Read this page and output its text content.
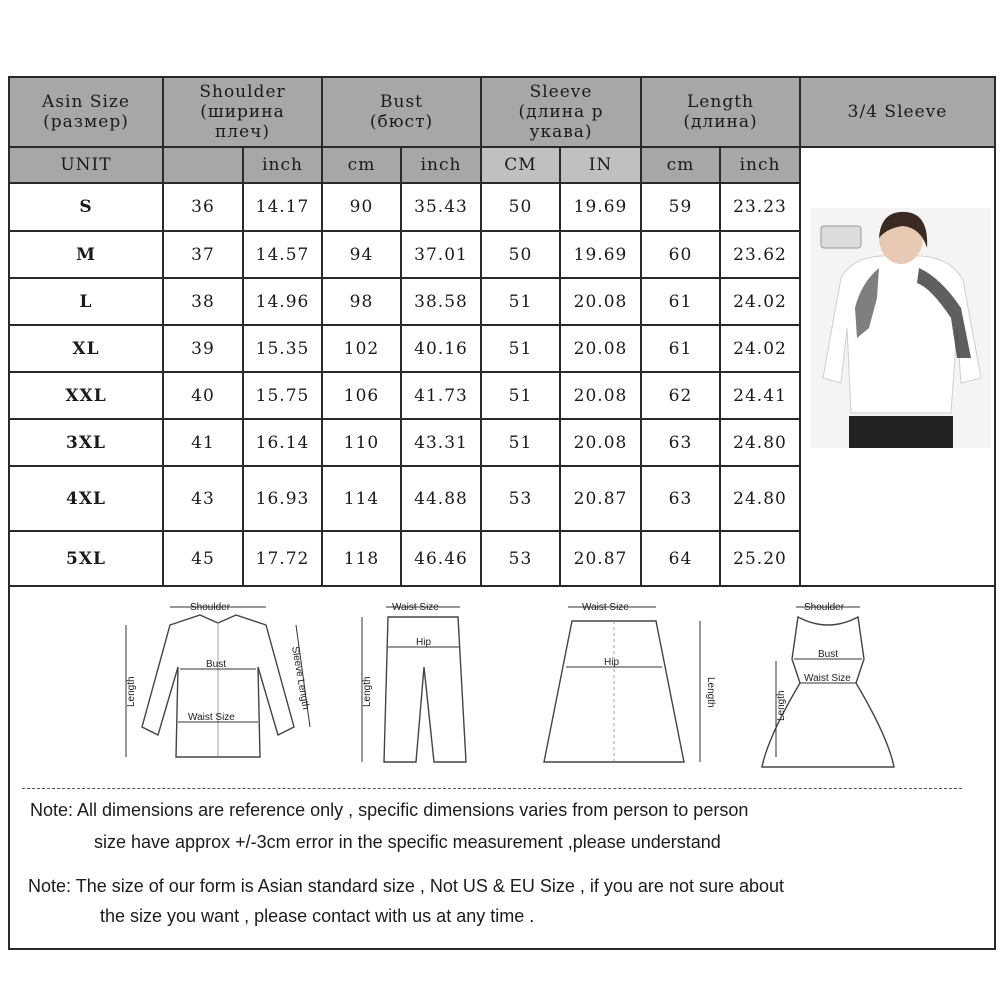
Asin Size
(размер)	Shoulder
(ширина
плеч)		Bust
(бюст)		Sleeve
(длина р
укава)		Length
(длина)		3/4 Sleeve
UNIT		inch	cm	inch	CM	IN	cm	inch	

S	36	14.17	90	35.43	50	19.69	59	23.23	
M	37	14.57	94	37.01	50	19.69	60	23.62	
L	38	14.96	98	38.58	51	20.08	61	24.02	
XL	39	15.35	102	40.16	51	20.08	61	24.02	
XXL	40	15.75	106	41.73	51	20.08	62	24.41	
3XL	41	16.14	110	43.31	51	20.08	63	24.80	
4XL	43	16.93	114	44.88	53	20.87	63	24.80	
5XL	45	17.72	118	46.46	53	20.87	64	25.20	
Shoulder
Bust
Waist Size
Length	Sleeve Length
Waist Size
Hip
Length
Waist Size
Hip
Length
Shoulder
Bust
Waist Size
Length
Note: All dimensions are reference only , specific dimensions varies from person to person
size have approx +/-3cm error in the specific measurement ,please understand
Note: The size of our form is Asian standard size , Not US & EU Size , if you are not sure about
the size you want , please contact with us at any time .
